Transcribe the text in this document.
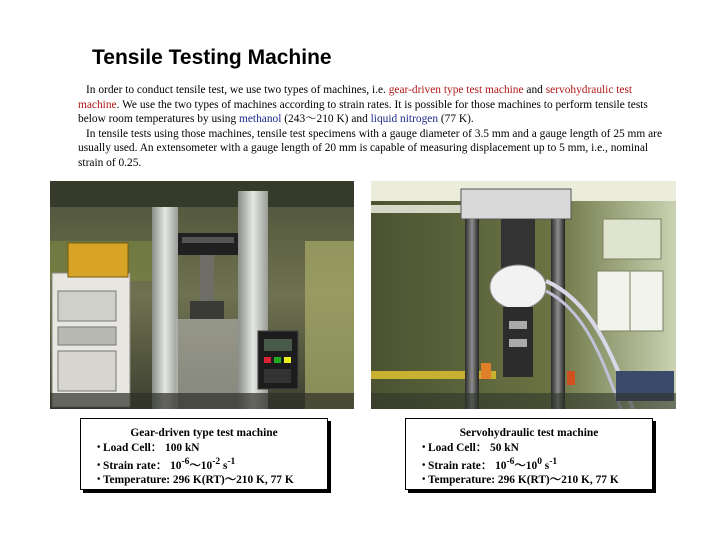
Tensile Testing Machine

In order to conduct tensile test, we use two types of machines, i.e. gear-driven type test machine and servohydraulic test machine. We use the two types of machines according to strain rates. It is possible for those machines to perform tensile tests below room temperatures by using methanol (243～210 K) and liquid nitrogen (77 K).

In tensile tests using those machines, tensile test specimens with a gauge diameter of 3.5 mm and a gauge length of 25 mm are usually used. An extensometer with a gauge length of 20 mm is capable of measuring displacement up to 5 mm, i.e., nominal strain of 0.25.

Gear-driven type test machine
・Load Cell： 100 kN
・Strain rate： $10^{-6}\sim 10^{-2}$ $s^{-1}$
・Temperature: 296 K(RT)～210 K, 77 K
Servohydraulic test machine
・Load Cell： 50 kN
・Strain rate： $10^{-6}\sim 10^0$ $s^{-1}$
・Temperature: 296 K(RT)～210 K, 77 K
